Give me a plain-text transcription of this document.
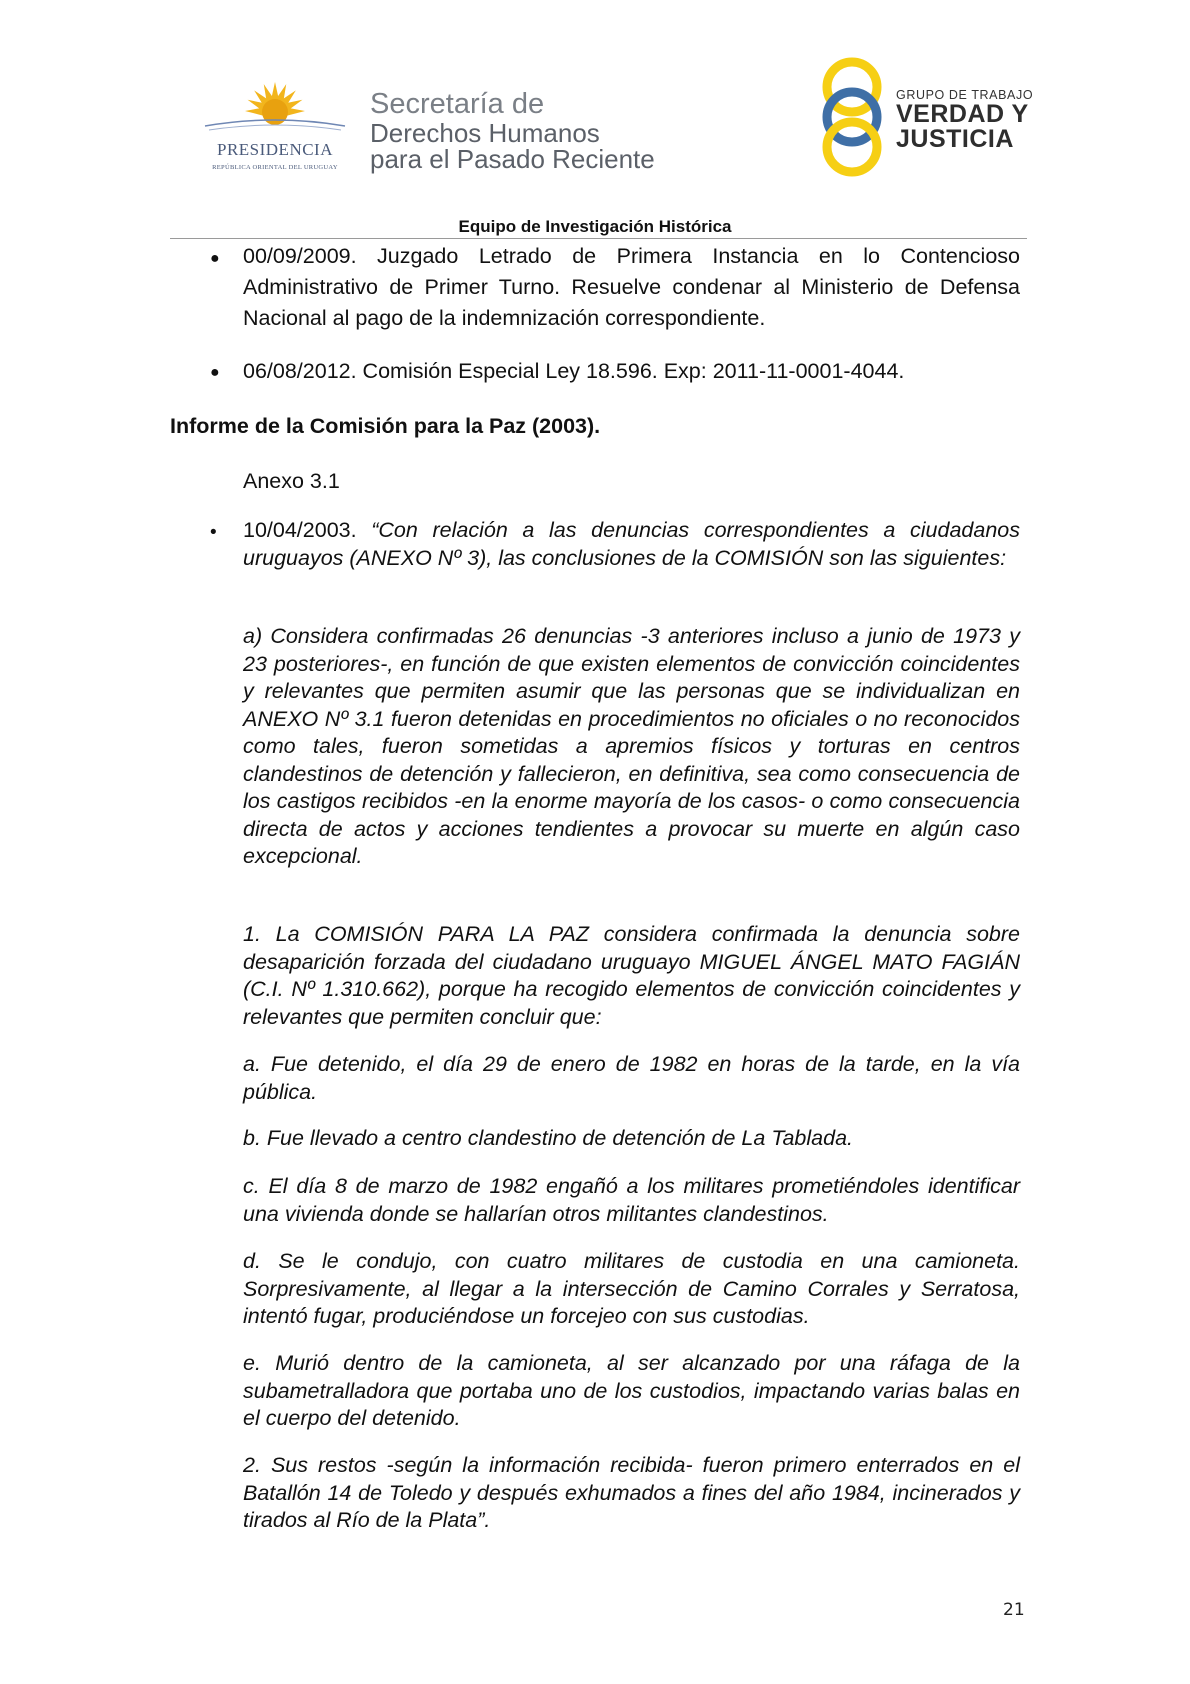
PRESIDENCIA
REPÚBLICA ORIENTAL DEL URUGUAY
Secretaría de
Derechos Humanos
para el Pasado Reciente
GRUPO DE TRABAJO
VERDAD Y
JUSTICIA
Equipo de Investigación Histórica
● 00/09/2009. Juzgado Letrado de Primera Instancia en lo Contencioso Administrativo de Primer Turno. Resuelve condenar al Ministerio de Defensa Nacional al pago de la indemnización correspondiente.
● 06/08/2012. Comisión Especial Ley 18.596. Exp: 2011-11-0001-4044.
Informe de la Comisión para la Paz (2003).
Anexo 3.1
• 10/04/2003. “Con relación a las denuncias correspondientes a ciudadanos uruguayos (ANEXO Nº 3), las conclusiones de la COMISIÓN son las siguientes:
a) Considera confirmadas 26 denuncias -3 anteriores incluso a junio de 1973 y 23 posteriores-, en función de que existen elementos de convicción coincidentes y relevantes que permiten asumir que las personas que se individualizan en ANEXO Nº 3.1 fueron detenidas en procedimientos no oficiales o no reconocidos como tales, fueron sometidas a apremios físicos y torturas en centros clandestinos de detención y fallecieron, en definitiva, sea como consecuencia de los castigos recibidos -en la enorme mayoría de los casos- o como consecuencia directa de actos y acciones tendientes a provocar su muerte en algún caso excepcional.
1. La COMISIÓN PARA LA PAZ considera confirmada la denuncia sobre desaparición forzada del ciudadano uruguayo MIGUEL ÁNGEL MATO FAGIÁN (C.I. Nº 1.310.662), porque ha recogido elementos de convicción coincidentes y relevantes que permiten concluir que:
a. Fue detenido, el día 29 de enero de 1982 en horas de la tarde, en la vía pública.
b. Fue llevado a centro clandestino de detención de La Tablada.
c. El día 8 de marzo de 1982 engañó a los militares prometiéndoles identificar una vivienda donde se hallarían otros militantes clandestinos.
d. Se le condujo, con cuatro militares de custodia en una camioneta. Sorpresivamente, al llegar a la intersección de Camino Corrales y Serratosa, intentó fugar, produciéndose un forcejeo con sus custodias.
e. Murió dentro de la camioneta, al ser alcanzado por una ráfaga de la subametralladora que portaba uno de los custodios, impactando varias balas en el cuerpo del detenido.
2. Sus restos -según la información recibida- fueron primero enterrados en el Batallón 14 de Toledo y después exhumados a fines del año 1984, incinerados y tirados al Río de la Plata”.
21
